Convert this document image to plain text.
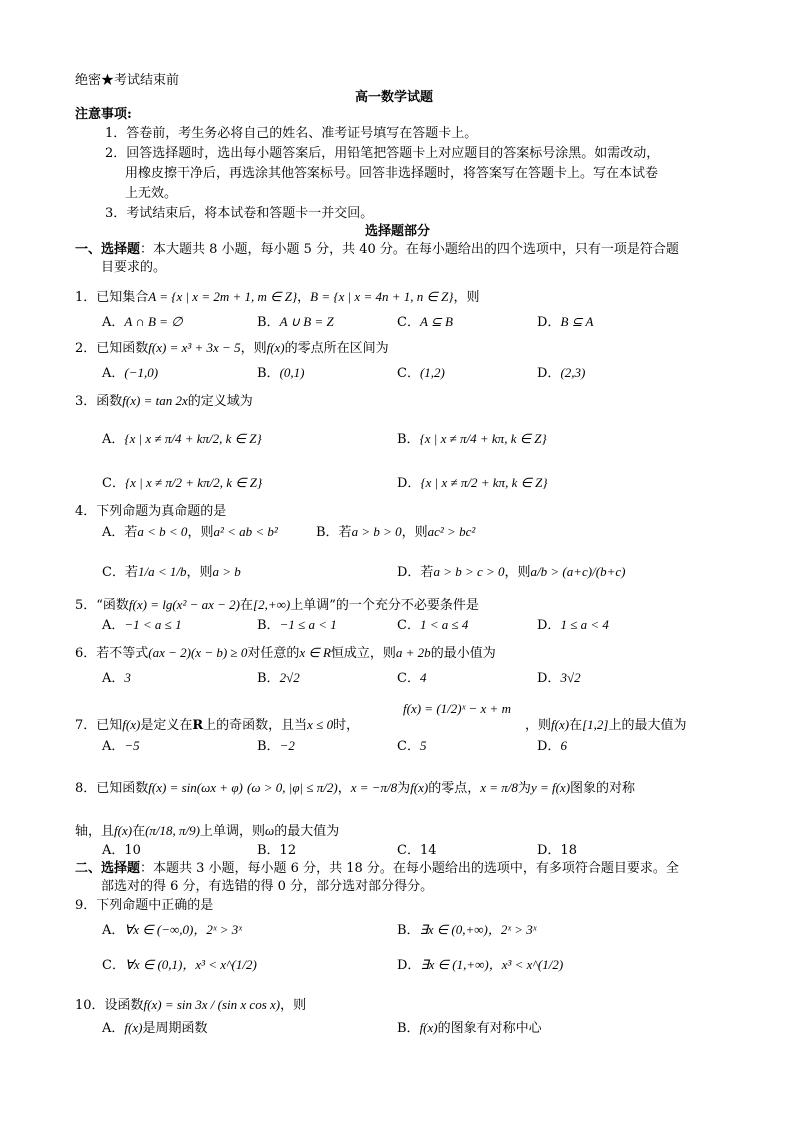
绝密★考试结束前
高一数学试题
注意事项:
1．答卷前，考生务必将自己的姓名、准考证号填写在答题卡上。
2．回答选择题时，选出每小题答案后，用铅笔把答题卡上对应题目的答案标号涂黑。如需改动，
用橡皮擦干净后，再选涂其他答案标号。回答非选择题时，将答案写在答题卡上。写在本试卷
上无效。
3．考试结束后，将本试卷和答题卡一并交回。
选择题部分
一、选择题：本大题共 8 小题，每小题 5 分，共 40 分。在每小题给出的四个选项中，只有一项是符合题
目要求的。
1．已知集合A = {x | x = 2m + 1, m ∈ Z}，B = {x | x = 4n + 1, n ∈ Z}，则
A．A ∩ B = ∅	B．A ∪ B = Z	C．A ⊆ B	D．B ⊆ A
2．已知函数f(x) = x³ + 3x − 5，则f(x)的零点所在区间为
A．(−1,0)	B．(0,1)	C．(1,2)	D．(2,3)
3．函数f(x) = tan 2x的定义域为
A．{x | x ≠ π/4 + kπ/2, k ∈ Z}	B．{x | x ≠ π/4 + kπ, k ∈ Z}
C．{x | x ≠ π/2 + kπ/2, k ∈ Z}	D．{x | x ≠ π/2 + kπ, k ∈ Z}
4．下列命题为真命题的是
A．若a < b < 0，则a² < ab < b²	B．若a > b > 0，则ac² > bc²
C．若1/a < 1/b，则a > b	D．若a > b > c > 0，则a/b > (a+c)/(b+c)
5．“函数f(x) = lg(x² − ax − 2)在[2,+∞)上单调”的一个充分不必要条件是
A．−1 < a ≤ 1	B．−1 ≤ a < 1	C．1 < a ≤ 4	D．1 ≤ a < 4
6．若不等式(ax − 2)(x − b) ≥ 0对任意的x ∈ R恒成立，则a + 2b的最小值为
A．3	B．2√2	C．4	D．3√2
7．已知f(x)是定义在R上的奇函数，且当x ≤ 0时，
f(x) = (1/2)ˣ − x + m
，则f(x)在[1,2]上的最大值为
A．−5	B．−2	C．5	D．6
8．已知函数f(x) = sin(ωx + φ) (ω > 0, |φ| ≤ π/2)，x = −π/8为f(x)的零点，x = π/8为y = f(x)图象的对称
轴，且f(x)在(π/18, π/9)上单调，则ω的最大值为
A．10	B．12	C．14	D．18
二、选择题：本题共 3 小题，每小题 6 分，共 18 分。在每小题给出的选项中，有多项符合题目要求。全
部选对的得 6 分，有选错的得 0 分，部分选对部分得分。
9．下列命题中正确的是
A．∀x ∈ (−∞,0)，2ˣ > 3ˣ	B．∃x ∈ (0,+∞)，2ˣ > 3ˣ
C．∀x ∈ (0,1)，x³ < x^(1/2)	D．∃x ∈ (1,+∞)，x³ < x^(1/2)
10．设函数f(x) = sin 3x / (sin x cos x)，则
A．f(x)是周期函数	B．f(x)的图象有对称中心
